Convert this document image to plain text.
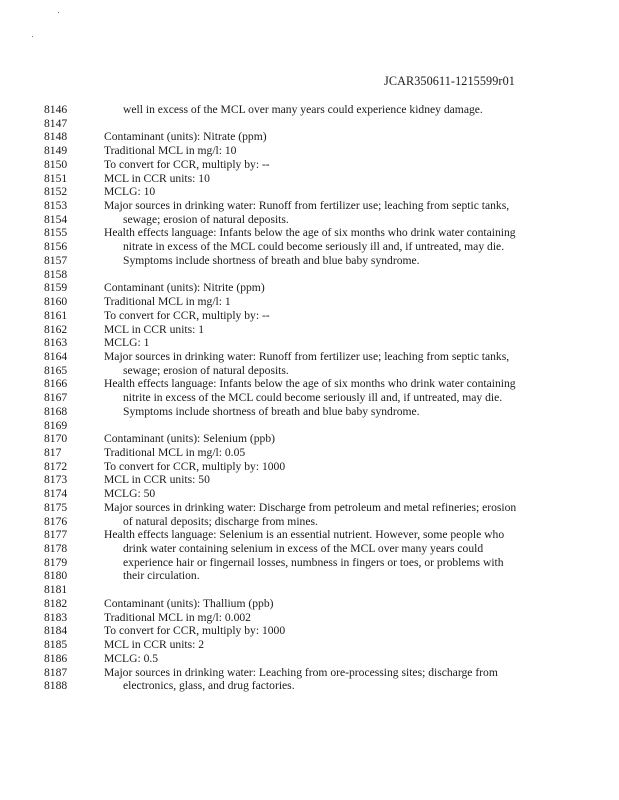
JCAR350611-1215599r01
8146	well in excess of the MCL over many years could experience kidney damage.
8147
8148	Contaminant (units): Nitrate (ppm)
8149	Traditional MCL in mg/l: 10
8150	To convert for CCR, multiply by: --
8151	MCL in CCR units: 10
8152	MCLG: 10
8153	Major sources in drinking water: Runoff from fertilizer use; leaching from septic tanks,
8154	sewage; erosion of natural deposits.
8155	Health effects language: Infants below the age of six months who drink water containing
8156	nitrate in excess of the MCL could become seriously ill and, if untreated, may die.
8157	Symptoms include shortness of breath and blue baby syndrome.
8158
8159	Contaminant (units): Nitrite (ppm)
8160	Traditional MCL in mg/l: 1
8161	To convert for CCR, multiply by: --
8162	MCL in CCR units: 1
8163	MCLG: 1
8164	Major sources in drinking water: Runoff from fertilizer use; leaching from septic tanks,
8165	sewage; erosion of natural deposits.
8166	Health effects language: Infants below the age of six months who drink water containing
8167	nitrite in excess of the MCL could become seriously ill and, if untreated, may die.
8168	Symptoms include shortness of breath and blue baby syndrome.
8169
8170	Contaminant (units): Selenium (ppb)
817	Traditional MCL in mg/l: 0.05
8172	To convert for CCR, multiply by: 1000
8173	MCL in CCR units: 50
8174	MCLG: 50
8175	Major sources in drinking water: Discharge from petroleum and metal refineries; erosion
8176	of natural deposits; discharge from mines.
8177	Health effects language: Selenium is an essential nutrient. However, some people who
8178	drink water containing selenium in excess of the MCL over many years could
8179	experience hair or fingernail losses, numbness in fingers or toes, or problems with
8180	their circulation.
8181
8182	Contaminant (units): Thallium (ppb)
8183	Traditional MCL in mg/l: 0.002
8184	To convert for CCR, multiply by: 1000
8185	MCL in CCR units: 2
8186	MCLG: 0.5
8187	Major sources in drinking water: Leaching from ore-processing sites; discharge from
8188	electronics, glass, and drug factories.
